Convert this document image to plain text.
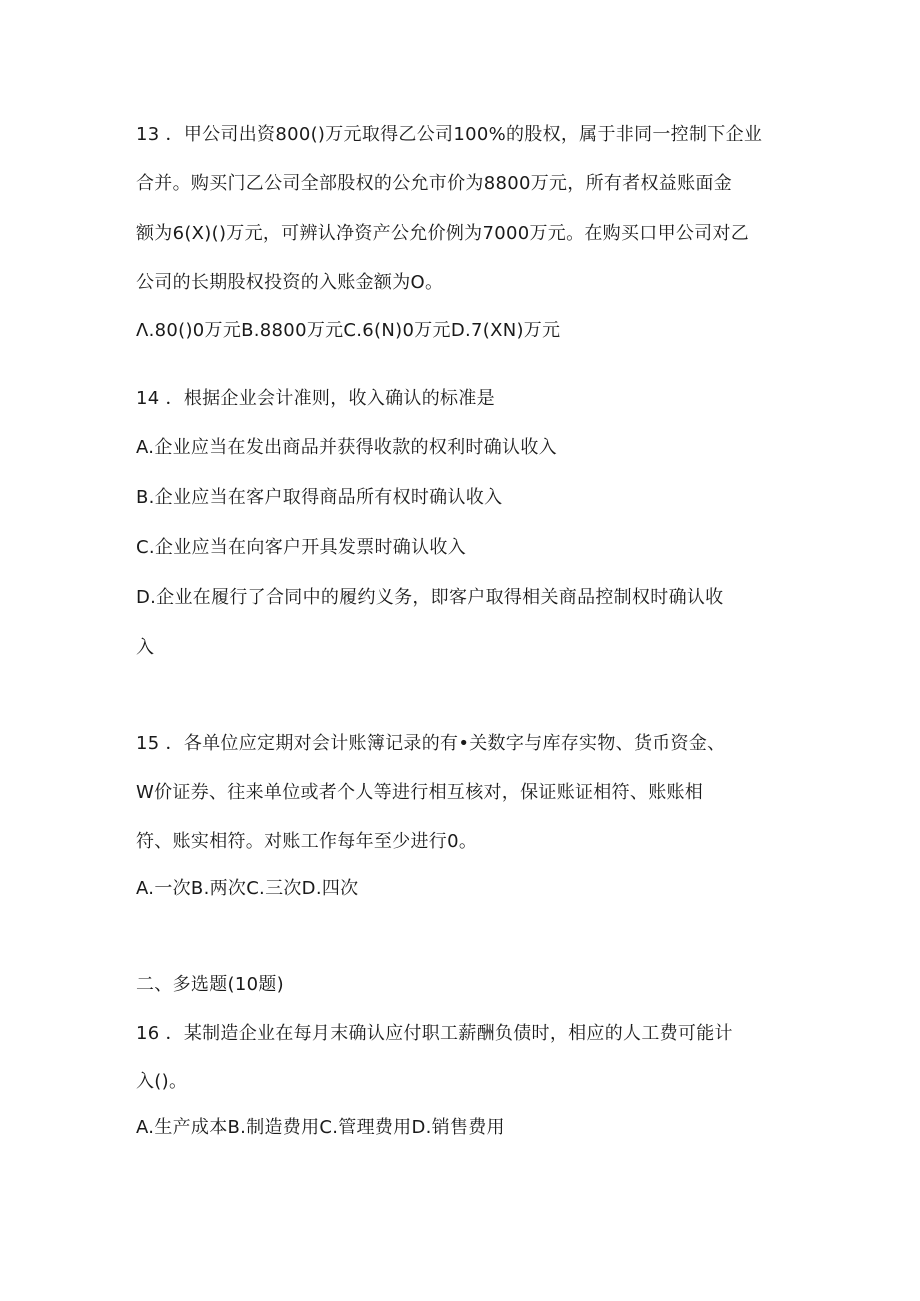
13 ．甲公司出资800()万元取得乙公司100%的股权，属于非同一控制下企业
合并。购买门乙公司全部股权的公允市价为8800万元，所有者权益账面金
额为6(X)()万元，可辨认净资产公允价例为7000万元。在购买口甲公司对乙
公司的长期股权投资的入账金额为O。
Λ.80()0万元B.8800万元C.6(N)0万元D.7(XN)万元
14 ．根据企业会计准则，收入确认的标准是
A.企业应当在发出商品并获得收款的权利时确认收入
B.企业应当在客户取得商品所有权时确认收入
C.企业应当在向客户开具发票时确认收入
D.企业在履行了合同中的履约义务，即客户取得相关商品控制权时确认收
入
15 ．各单位应定期对会计账簿记录的有•关数字与库存实物、货币资金、
W价证券、往来单位或者个人等进行相互核对，保证账证相符、账账相
符、账实相符。对账工作每年至少进行0。
A.一次B.两次C.三次D.四次
二、多选题(10题)
16 ．某制造企业在每月末确认应付职工薪酬负债时，相应的人工费可能计
入()。
A.生产成本B.制造费用C.管理费用D.销售费用
